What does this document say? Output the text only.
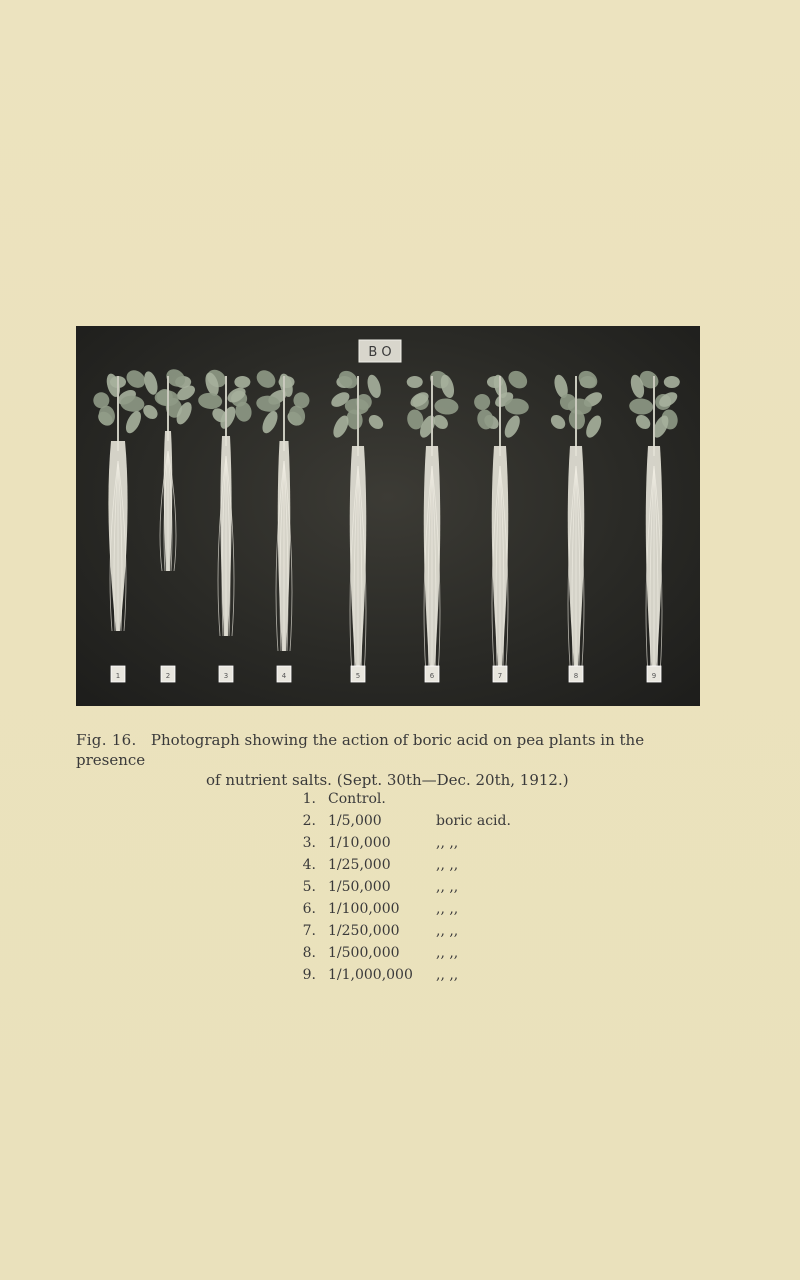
B O
1	2	3	4	5	6	7	8	9
Fig. 16. Photograph showing the action of boric acid on pea plants in the presence
of nutrient salts. (Sept. 30th—Dec. 20th, 1912.)
1. Control.
2. 1/5,000	boric acid.
3. 1/10,000	,, ,,
4. 1/25,000	,, ,,
5. 1/50,000	,, ,,
6. 1/100,000	,, ,,
7. 1/250,000	,, ,,
8. 1/500,000	,, ,,
9. 1/1,000,000	,, ,,
